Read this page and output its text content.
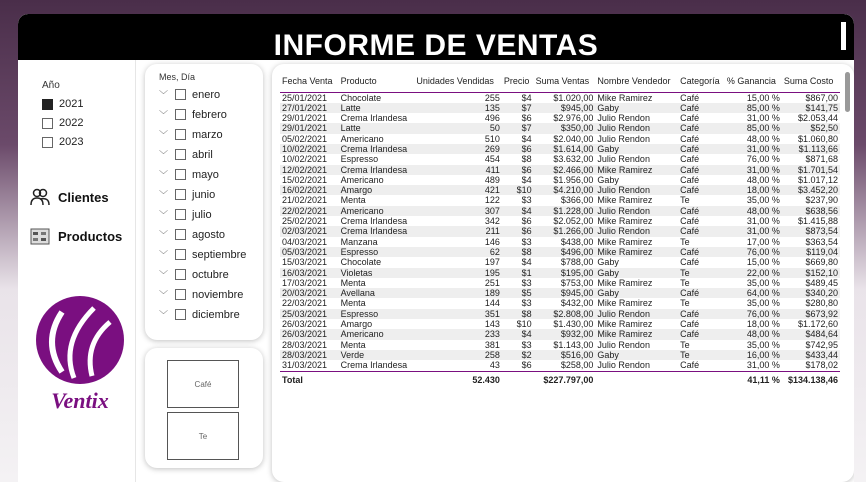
INFORME DE VENTAS
Año
2021
2022
2023
Clientes
Productos
Ventix
Mes, Día
﹀ enero
﹀ febrero
﹀ marzo
﹀ abril
﹀ mayo
﹀ junio
﹀ julio
﹀ agosto
﹀ septiembre
﹀ octubre
﹀ noviembre
﹀ diciembre
Café
Te
Fecha Venta	Producto	Unidades Vendidas	Precio	Suma Ventas	Nombre Vendedor	Categoría	% Ganancia	Suma Costo
25/01/2021	Chocolate	255	$4	$1.020,00	Mike Ramirez	Café	15,00 %	$867,00
27/01/2021	Latte	135	$7	$945,00	Gaby	Café	85,00 %	$141,75
29/01/2021	Crema Irlandesa	496	$6	$2.976,00	Julio Rendon	Café	31,00 %	$2.053,44
29/01/2021	Latte	50	$7	$350,00	Julio Rendon	Café	85,00 %	$52,50
05/02/2021	Americano	510	$4	$2.040,00	Julio Rendon	Café	48,00 %	$1.060,80
10/02/2021	Crema Irlandesa	269	$6	$1.614,00	Gaby	Café	31,00 %	$1.113,66
10/02/2021	Espresso	454	$8	$3.632,00	Julio Rendon	Café	76,00 %	$871,68
12/02/2021	Crema Irlandesa	411	$6	$2.466,00	Mike Ramirez	Café	31,00 %	$1.701,54
15/02/2021	Americano	489	$4	$1.956,00	Gaby	Café	48,00 %	$1.017,12
16/02/2021	Amargo	421	$10	$4.210,00	Julio Rendon	Café	18,00 %	$3.452,20
21/02/2021	Menta	122	$3	$366,00	Mike Ramirez	Te	35,00 %	$237,90
22/02/2021	Americano	307	$4	$1.228,00	Julio Rendon	Café	48,00 %	$638,56
25/02/2021	Crema Irlandesa	342	$6	$2.052,00	Mike Ramirez	Café	31,00 %	$1.415,88
02/03/2021	Crema Irlandesa	211	$6	$1.266,00	Julio Rendon	Café	31,00 %	$873,54
04/03/2021	Manzana	146	$3	$438,00	Mike Ramirez	Te	17,00 %	$363,54
05/03/2021	Espresso	62	$8	$496,00	Mike Ramirez	Café	76,00 %	$119,04
15/03/2021	Chocolate	197	$4	$788,00	Gaby	Café	15,00 %	$669,80
16/03/2021	Violetas	195	$1	$195,00	Gaby	Te	22,00 %	$152,10
17/03/2021	Menta	251	$3	$753,00	Mike Ramirez	Te	35,00 %	$489,45
20/03/2021	Avellana	189	$5	$945,00	Gaby	Café	64,00 %	$340,20
22/03/2021	Menta	144	$3	$432,00	Mike Ramirez	Te	35,00 %	$280,80
25/03/2021	Espresso	351	$8	$2.808,00	Julio Rendon	Café	76,00 %	$673,92
26/03/2021	Amargo	143	$10	$1.430,00	Mike Ramirez	Café	18,00 %	$1.172,60
26/03/2021	Americano	233	$4	$932,00	Mike Ramirez	Café	48,00 %	$484,64
28/03/2021	Menta	381	$3	$1.143,00	Julio Rendon	Te	35,00 %	$742,95
28/03/2021	Verde	258	$2	$516,00	Gaby	Te	16,00 %	$433,44
31/03/2021	Crema Irlandesa	43	$6	$258,00	Julio Rendon	Café	31,00 %	$178,02
Total		52.430		$227.797,00			41,11 %	$134.138,46
